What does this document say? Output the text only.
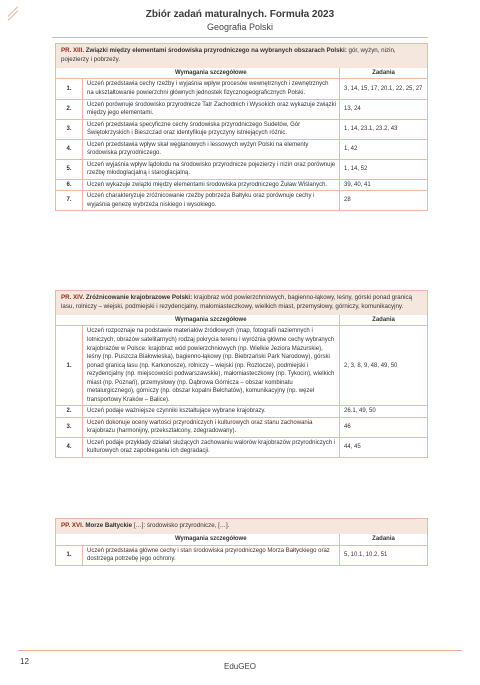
Zbiór zadań maturalnych. Formuła 2023
Geografia Polski
PR. XIII. Związki między elementami środowiska przyrodniczego na wybranych obszarach Polski: gór, wyżyn, nizin, pojezierzy i pobrzeży.
	Wymagania szczegółowe	Zadania
1.	Uczeń przedstawia cechy rzeźby i wyjaśnia wpływ procesów wewnętrznych i zewnętrznych na ukształtowanie powierzchni głównych jednostek fizycznogeograficznych Polski.	3, 14, 15, 17, 20.1, 22, 25, 27
2.	Uczeń porównuje środowisko przyrodnicze Tatr Zachodnich i Wysokich oraz wykazuje związki między jego elementami.	13, 24
3.	Uczeń przedstawia specyficzne cechy środowiska przyrodniczego Sudetów, Gór Świętokrzyskich i Bieszczad oraz identyfikuje przyczyny istniejących różnic.	1, 14, 23.1, 23.2, 43
4.	Uczeń przedstawia wpływ skał węglanowych i lessowych wyżyn Polski na elementy środowiska przyrodniczego.	1, 42
5.	Uczeń wyjaśnia wpływ lądolodu na środowisko przyrodnicze pojezierzy i nizin oraz porównuje rzeźbę młodoglacjalną i staroglacjalną.	1, 14, 52
6.	Uczeń wykazuje związki między elementami środowiska przyrodniczego Żuław Wiślanych.	39, 40, 41
7.	Uczeń charakteryzuje zróżnicowanie rzeźby pobrzeża Bałtyku oraz porównuje cechy i wyjaśnia genezę wybrzeża niskiego i wysokiego.	28
PR. XIV. Zróżnicowanie krajobrazowe Polski: krajobraz wód powierzchniowych, bagienno-łąkowy, leśny, górski ponad granicą lasu, rolniczy – wiejski, podmiejski i rezydencjalny, małomiasteczkowy, wielkich miast, przemysłowy, górniczy, komunikacyjny.
	Wymagania szczegółowe	Zadania
1.	Uczeń rozpoznaje na podstawie materiałów źródłowych (map, fotografii naziemnych i lotniczych, obrazów satelitarnych) rodzaj pokrycia terenu i wyróżnia główne cechy wybranych krajobrazów w Polsce: krajobraz wód powierzchniowych (np. Wielkie Jeziora Mazurskie), leśny (np. Puszcza Białowieska), bagienno-łąkowy (np. Biebrzański Park Narodowy), górski ponad granicą lasu (np. Karkonosze), rolniczy – wiejski (np. Roztocze), podmiejski i rezydencjalny (np. miejscowości podwarszawskie), małomiasteczkowy (np. Tykocin), wielkich miast (np. Poznań), przemysłowy (np. Dąbrowa Górnicza – obszar kombinatu metalurgicznego), górniczy (np. obszar kopalni Bełchatów), komunikacyjny (np. węzeł transportowy Kraków – Balice).	2, 3, 8, 9, 48, 49, 50
2.	Uczeń podaje ważniejsze czynniki kształtujące wybrane krajobrazy.	26.1, 49, 50
3.	Uczeń dokonuje oceny wartości przyrodniczych i kulturowych oraz stanu zachowania krajobrazu (harmonijny, przekształcony, zdegradowany).	46
4.	Uczeń podaje przykłady działań służących zachowaniu walorów krajobrazów przyrodniczych i kulturowych oraz zapobieganiu ich degradacji.	44, 45
PP. XVI. Morze Bałtyckie […]: środowisko przyrodnicze, […].
	Wymagania szczegółowe	Zadania
1.	Uczeń przedstawia główne cechy i stan środowiska przyrodniczego Morza Bałtyckiego oraz dostrzega potrzebę jego ochrony.	5, 10.1, 10.2, 51
12
EduGEO
